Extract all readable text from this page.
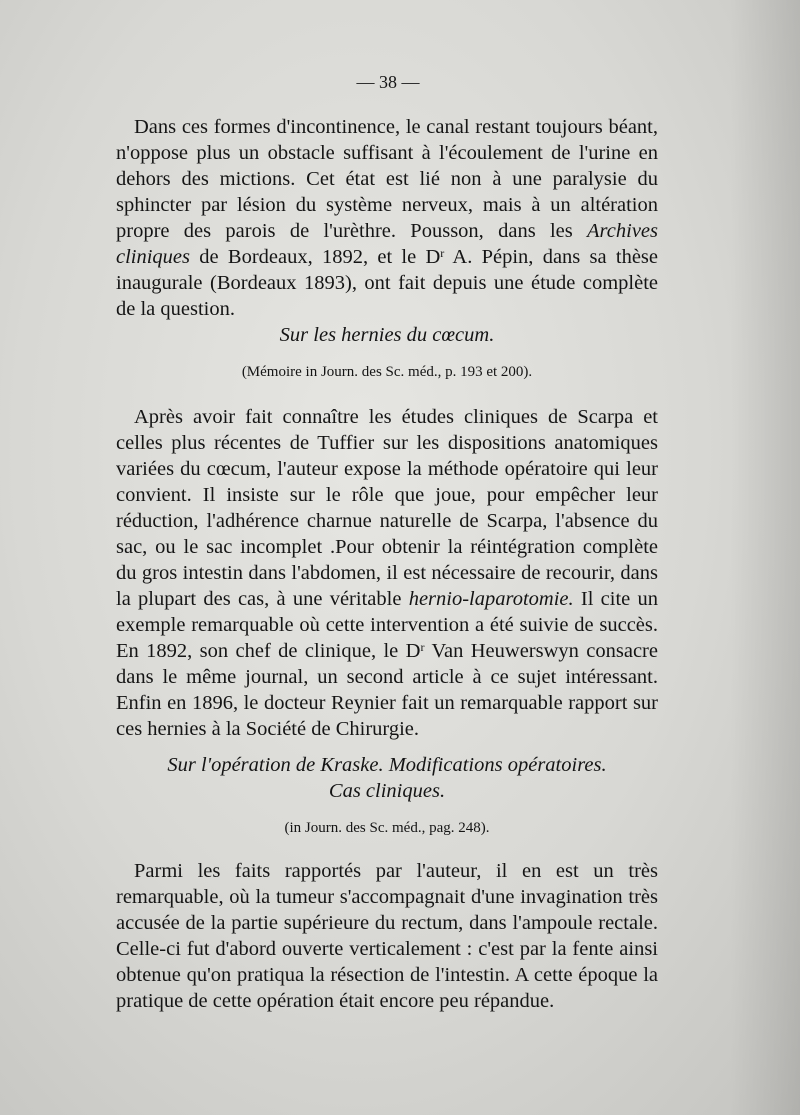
— 38 —

Dans ces formes d'incontinence, le canal restant toujours béant, n'oppose plus un obstacle suffisant à l'écoulement de l'urine en dehors des mictions. Cet état est lié non à une paralysie du sphincter par lésion du système nerveux, mais à un altération propre des parois de l'urèthre. Pousson, dans les Archives cliniques de Bordeaux, 1892, et le $D^r$ A. Pépin, dans sa thèse inaugurale (Bordeaux 1893), ont fait depuis une étude complète de la question.

Sur les hernies du cœcum.
(Mémoire in Journ. des Sc. méd., p. 193 et 200).

Après avoir fait connaître les études cliniques de Scarpa et celles plus récentes de Tuffier sur les dispositions anatomiques variées du cœcum, l'auteur expose la méthode opératoire qui leur convient. Il insiste sur le rôle que joue, pour empêcher leur réduction, l'adhérence charnue naturelle de Scarpa, l'absence du sac, ou le sac incomplet .Pour obtenir la réintégration complète du gros intestin dans l'abdomen, il est nécessaire de recourir, dans la plupart des cas, à une véritable hernio-laparotomie. Il cite un exemple remarquable où cette intervention a été suivie de succès. En 1892, son chef de clinique, le $D^r$ Van Heuwerswyn consacre dans le même journal, un second article à ce sujet intéressant. Enfin en 1896, le docteur Reynier fait un remarquable rapport sur ces hernies à la Société de Chirurgie.

Sur l'opération de Kraske. Modifications opératoires.
Cas cliniques.
(in Journ. des Sc. méd., pag. 248).

Parmi les faits rapportés par l'auteur, il en est un très remarquable, où la tumeur s'accompagnait d'une invagination très accusée de la partie supérieure du rectum, dans l'ampoule rectale. Celle-ci fut d'abord ouverte verticalement : c'est par la fente ainsi obtenue qu'on pratiqua la résection de l'intestin. A cette époque la pratique de cette opération était encore peu répandue.
